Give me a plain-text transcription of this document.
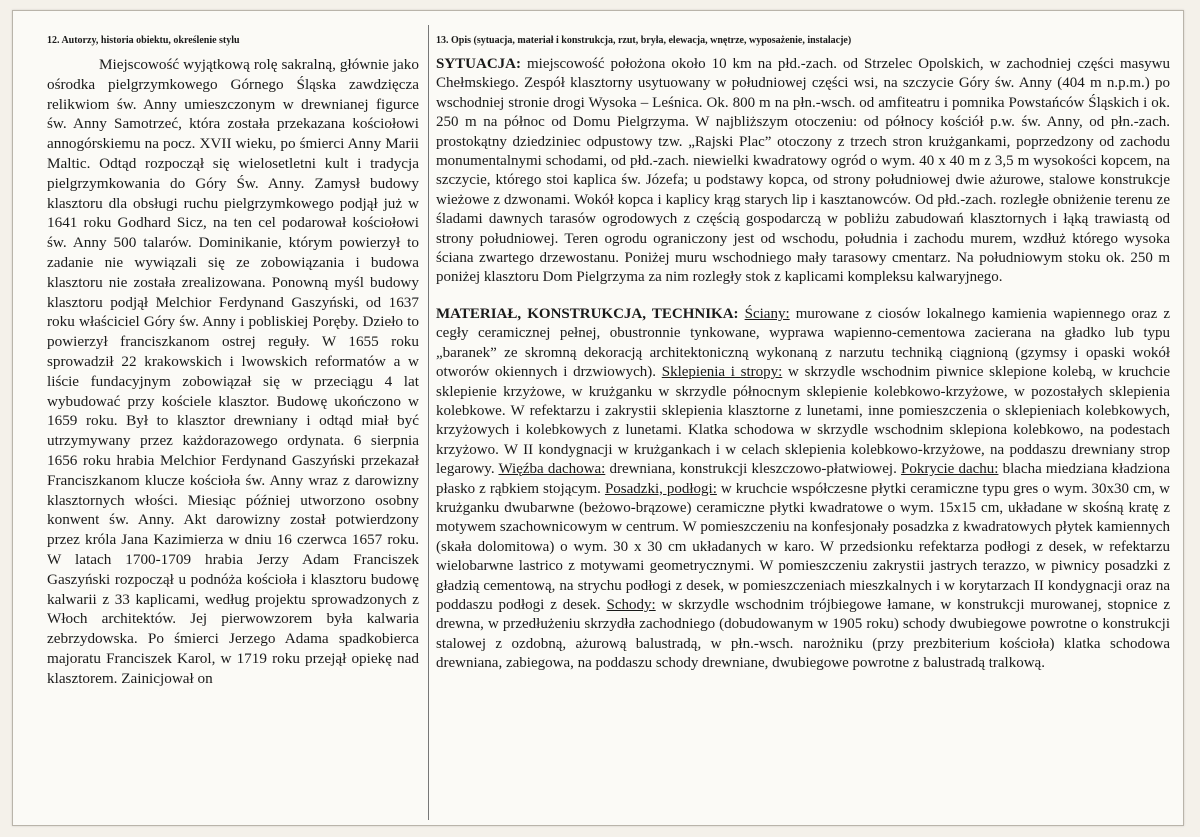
12. Autorzy, historia obiektu, określenie stylu

Miejscowość wyjątkową rolę sakralną, głównie jako ośrodka pielgrzymkowego Górnego Śląska zawdzięcza relikwiom św. Anny umieszczonym w drewnianej figurce św. Anny Samotrzeć, która została przekazana kościołowi annogórskiemu na pocz. XVII wieku, po śmierci Anny Marii Maltic. Odtąd rozpoczął się wielosetletni kult i tradycja pielgrzymkowania do Góry Św. Anny. Zamysł budowy klasztoru dla obsługi ruchu pielgrzymkowego podjął już w 1641 roku Godhard Sicz, na ten cel podarował kościołowi św. Anny 500 talarów. Dominikanie, którym powierzył to zadanie nie wywiązali się ze zobowiązania i budowa klasztoru nie została zrealizowana. Ponowną myśl budowy klasztoru podjął Melchior Ferdynand Gaszyński, od 1637 roku właściciel Góry św. Anny i pobliskiej Poręby. Dzieło to powierzył franciszkanom ostrej reguły. W 1655 roku sprowadził 22 krakowskich i lwowskich reformatów a w liście fundacyjnym zobowiązał się w przeciągu 4 lat wybudować przy kościele klasztor. Budowę ukończono w 1659 roku. Był to klasztor drewniany i odtąd miał być utrzymywany przez każdorazowego ordynata. 6 sierpnia 1656 roku hrabia Melchior Ferdynand Gaszyński przekazał Franciszkanom klucze kościoła św. Anny wraz z darowizny klasztornych włości. Miesiąc później utworzono osobny konwent św. Anny. Akt darowizny został potwierdzony przez króla Jana Kazimierza w dniu 16 czerwca 1657 roku. W latach 1700-1709 hrabia Jerzy Adam Franciszek Gaszyński rozpoczął u podnóża kościoła i klasztoru budowę kalwarii z 33 kaplicami, według projektu sprowadzonych z Włoch architektów. Jej pierwowzorem była kalwaria zebrzydowska. Po śmierci Jerzego Adama spadkobierca majoratu Franciszek Karol, w 1719 roku przejął opiekę nad klasztorem. Zainicjował on

13. Opis (sytuacja, materiał i konstrukcja, rzut, bryła, elewacja, wnętrze, wyposażenie, instalacje)

SYTUACJA: miejscowość położona około 10 km na płd.-zach. od Strzelec Opolskich, w zachodniej części masywu Chełmskiego. Zespół klasztorny usytuowany w południowej części wsi, na szczycie Góry św. Anny (404 m n.p.m.) po wschodniej stronie drogi Wysoka – Leśnica. Ok. 800 m na płn.-wsch. od amfiteatru i pomnika Powstańców Śląskich i ok. 250 m na północ od Domu Pielgrzyma. W najbliższym otoczeniu: od północy kościół p.w. św. Anny, od płn.-zach. prostokątny dziedziniec odpustowy tzw. „Rajski Plac” otoczony z trzech stron krużgankami, poprzedzony od zachodu monumentalnymi schodami, od płd.-zach. niewielki kwadratowy ogród o wym. 40 x 40 m z 3,5 m wysokości kopcem, na szczycie, którego stoi kaplica św. Józefa; u podstawy kopca, od strony południowej dwie ażurowe, stalowe konstrukcje wieżowe z dzwonami. Wokół kopca i kaplicy krąg starych lip i kasztanowców. Od płd.-zach. rozległe obniżenie terenu ze śladami dawnych tarasów ogrodowych z częścią gospodarczą w pobliżu zabudowań klasztornych i łąką trawiastą od strony południowej. Teren ogrodu ograniczony jest od wschodu, południa i zachodu murem, wzdłuż którego wysoka ściana zwartego drzewostanu. Poniżej muru wschodniego mały tarasowy cmentarz. Na południowym stoku ok. 250 m poniżej klasztoru Dom Pielgrzyma za nim rozległy stok z kaplicami kompleksu kalwaryjnego.

MATERIAŁ, KONSTRUKCJA, TECHNIKA: Ściany: murowane z ciosów lokalnego kamienia wapiennego oraz z cegły ceramicznej pełnej, obustronnie tynkowane, wyprawa wapienno-cementowa zacierana na gładko lub typu „baranek” ze skromną dekoracją architektoniczną wykonaną z narzutu techniką ciągnioną (gzymsy i opaski wokół otworów okiennych i drzwiowych). Sklepienia i stropy: w skrzydle wschodnim piwnice sklepione kolebą, w kruchcie sklepienie krzyżowe, w krużganku w skrzydle północnym sklepienie kolebkowo-krzyżowe, w pozostałych sklepienia kolebkowe. W refektarzu i zakrystii sklepienia klasztorne z lunetami, inne pomieszczenia o sklepieniach kolebkowych, krzyżowych i kolebkowych z lunetami. Klatka schodowa w skrzydle wschodnim sklepiona kolebkowo, na podestach krzyżowo. W II kondygnacji w krużgankach i w celach sklepienia kolebkowo-krzyżowe, na poddaszu drewniany strop legarowy. Więźba dachowa: drewniana, konstrukcji kleszczowo-płatwiowej. Pokrycie dachu: blacha miedziana kładziona płasko z rąbkiem stojącym. Posadzki, podłogi: w kruchcie współczesne płytki ceramiczne typu gres o wym. 30x30 cm, w krużganku dwubarwne (beżowo-brązowe) ceramiczne płytki kwadratowe o wym. 15x15 cm, układane w skośną kratę z motywem szachownicowym w centrum. W pomieszczeniu na konfesjonały posadzka z kwadratowych płytek kamiennych (skała dolomitowa) o wym. 30 x 30 cm układanych w karo. W przedsionku refektarza podłogi z desek, w refektarzu wielobarwne lastrico z motywami geometrycznymi. W pomieszczeniu zakrystii jastrych terazzo, w piwnicy posadzki z gładzią cementową, na strychu podłogi z desek, w pomieszczeniach mieszkalnych i w korytarzach II kondygnacji oraz na poddaszu podłogi z desek. Schody: w skrzydle wschodnim trójbiegowe łamane, w konstrukcji murowanej, stopnice z drewna, w przedłużeniu skrzydła zachodniego (dobudowanym w 1905 roku) schody dwubiegowe powrotne o konstrukcji stalowej z ozdobną, ażurową balustradą, w płn.-wsch. narożniku (przy prezbiterium kościoła) klatka schodowa drewniana, zabiegowa, na poddaszu schody drewniane, dwubiegowe powrotne z balustradą tralkową.
